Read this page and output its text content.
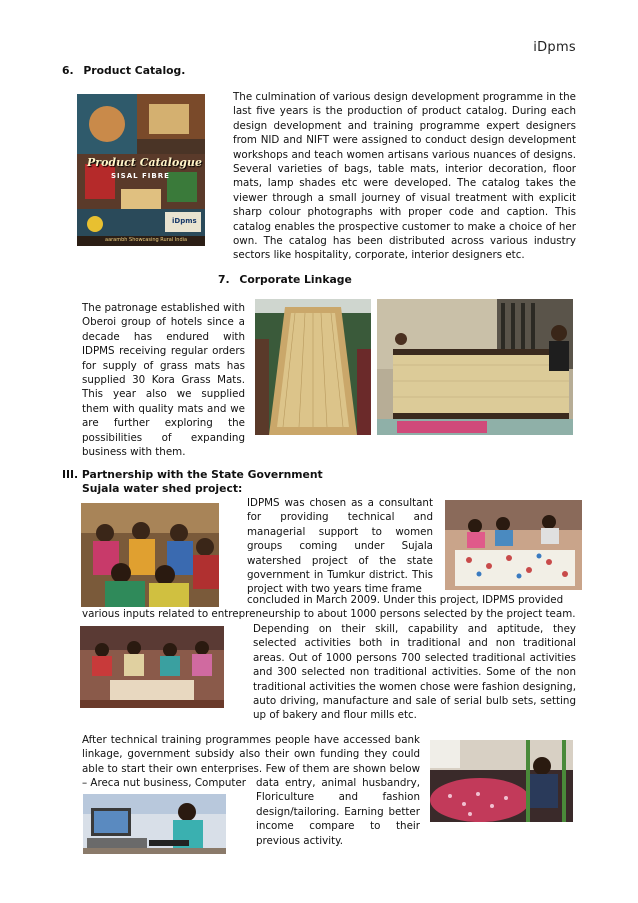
iDpms
6. Product Catalog.
Product Catalogue
SISAL FIBRE
iDpms
aarambh Showcasing Rural India
The culmination of various design development programme in the last five years is the production of product catalog. During each design development and training programme expert designers from NID and NIFT were assigned to conduct design development workshops and teach women artisans various nuances of designs. Several varieties of bags, table mats, interior decoration, floor mats, lamp shades etc were developed. The catalog takes the viewer through a small journey of visual treatment with explicit sharp colour photographs with proper code and caption. This catalog enables the prospective customer to make a choice of her own. The catalog has been distributed across various industry sectors like hospitality, corporate, interior designers etc.
7. Corporate Linkage
The patronage established with Oberoi group of hotels since a decade has endured with IDPMS receiving regular orders for supply of grass mats has supplied 30 Kora Grass Mats. This year also we supplied them with quality mats and we are further exploring the possibilities of expanding business with them.
III. Partnership with the State Government
Sujala water shed project:
IDPMS was chosen as a consultant for providing technical and managerial support to women groups coming under Sujala watershed project of the state government in Tumkur district. This project with two years time frame
concluded in March 2009. Under this project, IDPMS provided
various inputs related to entrepreneurship to about 1000 persons selected by the project team.
Depending on their skill, capability and aptitude, they selected activities both in traditional and non traditional areas. Out of 1000 persons 700 selected traditional activities and 300 selected non traditional activities. Some of the non traditional activities the women chose were fashion designing, auto driving, manufacture and sale of serial bulb sets, setting up of bakery and flour mills etc.
After technical training programmes people have accessed bank linkage, government subsidy also their own funding they could able to start their own enterprises. Few of them are shown below – Areca nut business, Computer data entry, animal husbandry, Floriculture and fashion design/tailoring. Earning better income compare to their previous activity.
